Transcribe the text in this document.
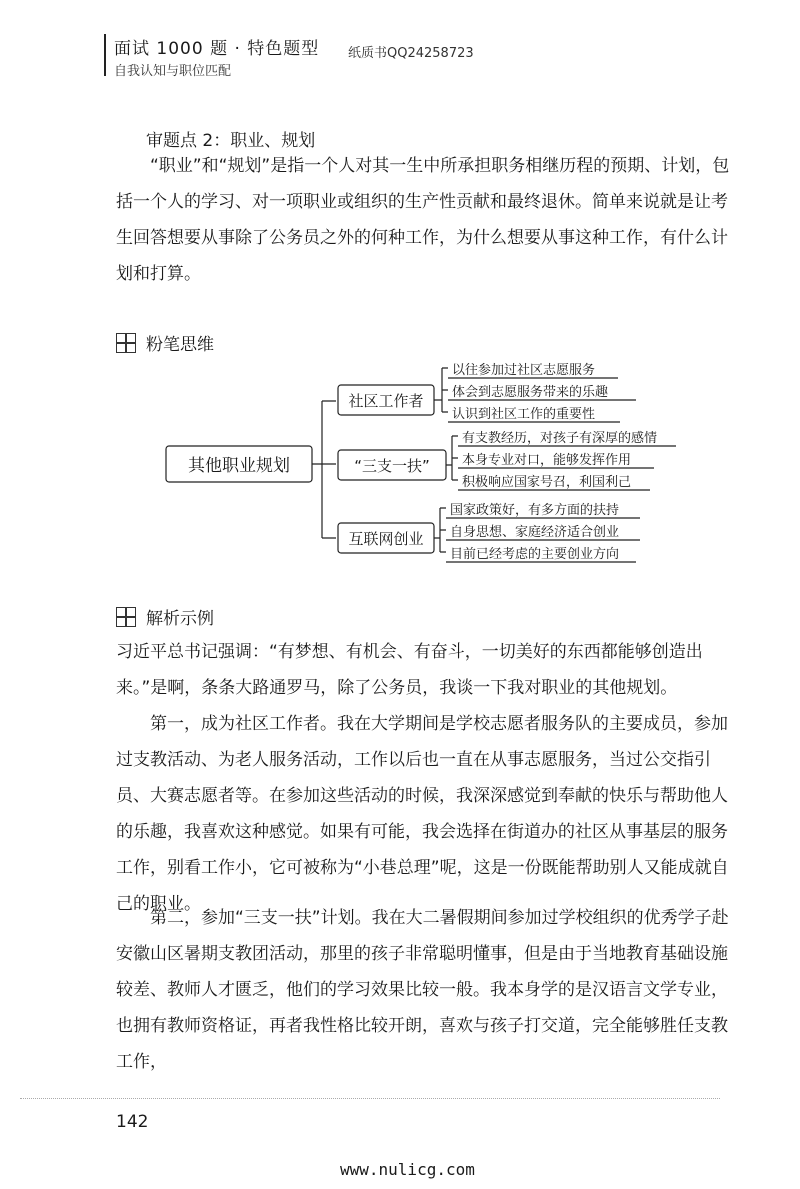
面试 1000 题 · 特色题型
自我认知与职位匹配
纸质书QQ24258723
审题点 2：职业、规划
“职业”和“规划”是指一个人对其一生中所承担职务相继历程的预期、计划，包括一个人的学习、对一项职业或组织的生产性贡献和最终退休。简单来说就是让考生回答想要从事除了公务员之外的何种工作，为什么想要从事这种工作，有什么计划和打算。
粉笔思维
其他职业规划
社区工作者
“三支一扶”
互联网创业
以往参加过社区志愿服务
体会到志愿服务带来的乐趣
认识到社区工作的重要性
有支教经历，对孩子有深厚的感情
本身专业对口，能够发挥作用
积极响应国家号召，利国利己
国家政策好，有多方面的扶持
自身思想、家庭经济适合创业
目前已经考虑的主要创业方向
解析示例
习近平总书记强调：“有梦想、有机会、有奋斗，一切美好的东西都能够创造出来。”是啊，条条大路通罗马，除了公务员，我谈一下我对职业的其他规划。
第一，成为社区工作者。我在大学期间是学校志愿者服务队的主要成员，参加过支教活动、为老人服务活动，工作以后也一直在从事志愿服务，当过公交指引员、大赛志愿者等。在参加这些活动的时候，我深深感觉到奉献的快乐与帮助他人的乐趣，我喜欢这种感觉。如果有可能，我会选择在街道办的社区从事基层的服务工作，别看工作小，它可被称为“小巷总理”呢，这是一份既能帮助别人又能成就自己的职业。
第二，参加“三支一扶”计划。我在大二暑假期间参加过学校组织的优秀学子赴安徽山区暑期支教团活动，那里的孩子非常聪明懂事，但是由于当地教育基础设施较差、教师人才匮乏，他们的学习效果比较一般。我本身学的是汉语言文学专业，也拥有教师资格证，再者我性格比较开朗，喜欢与孩子打交道，完全能够胜任支教工作，
142
www.nulicg.com
